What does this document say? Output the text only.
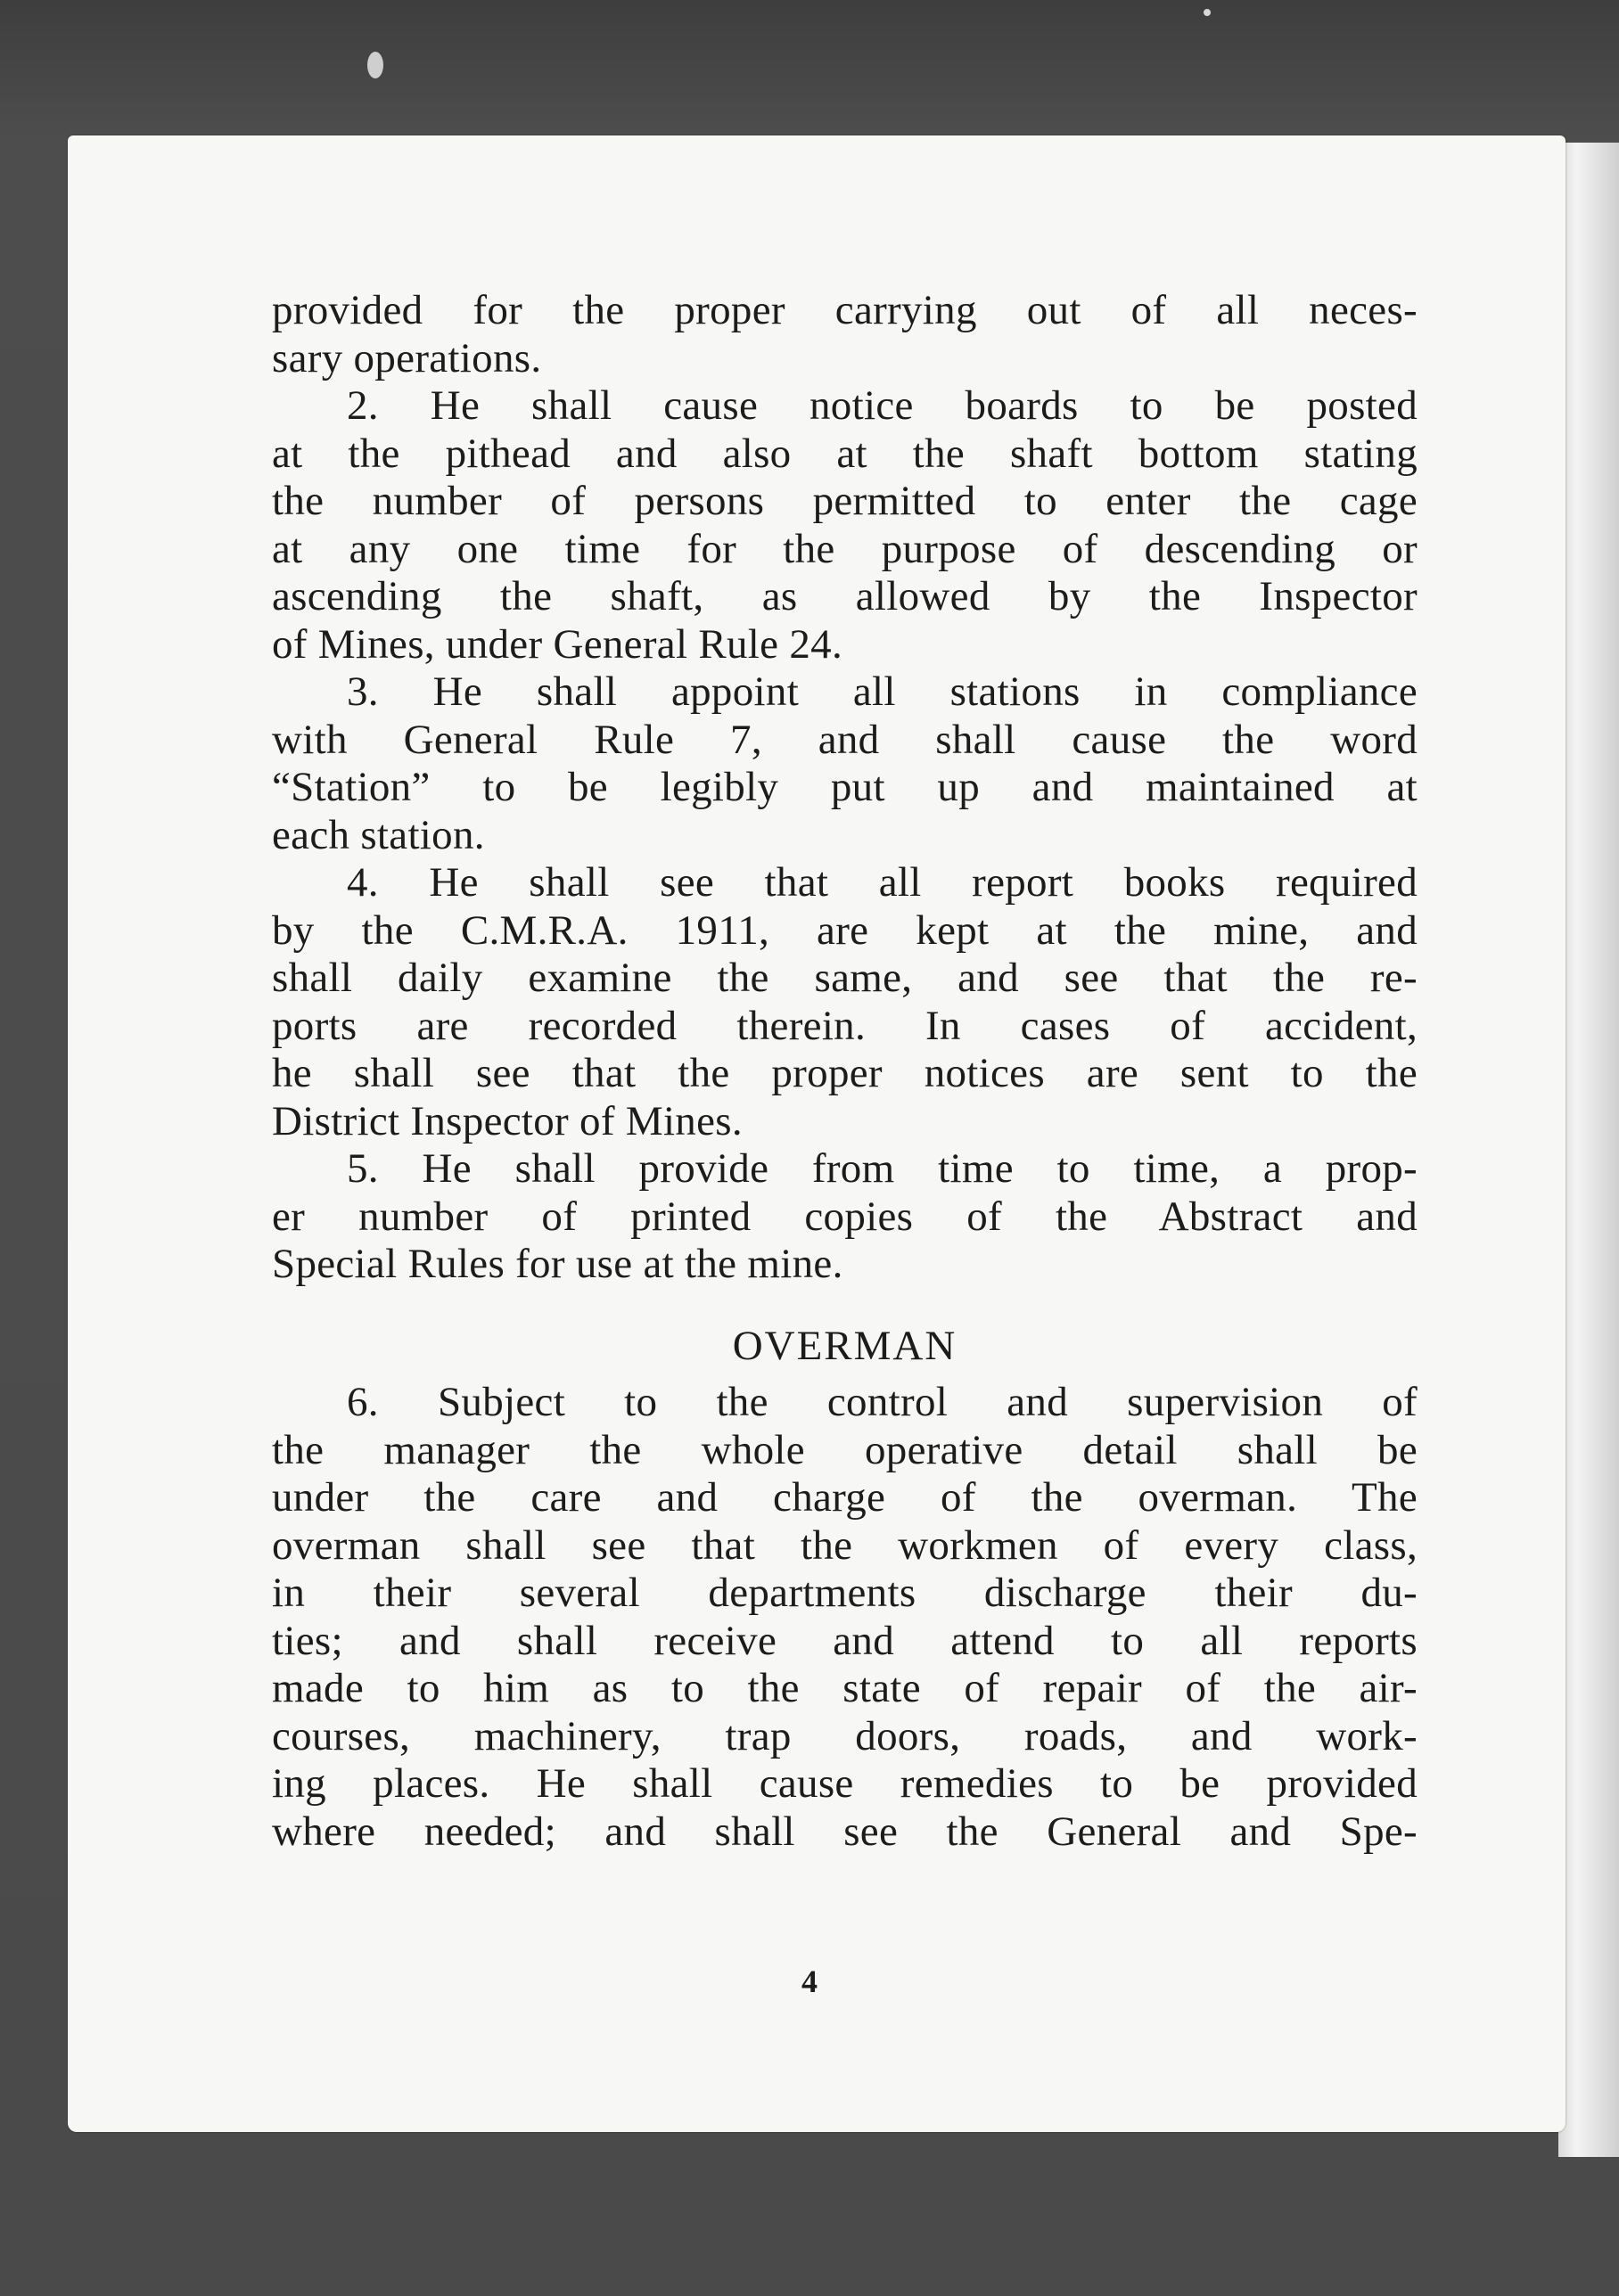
provided for the proper carrying out of all neces-
sary operations.

2. He shall cause notice boards to be posted
at the pithead and also at the shaft bottom stating
the number of persons permitted to enter the cage
at any one time for the purpose of descending or
ascending the shaft, as allowed by the Inspector
of Mines, under General Rule 24.

3. He shall appoint all stations in compliance
with General Rule 7, and shall cause the word
“Station” to be legibly put up and maintained at
each station.

4. He shall see that all report books required
by the C.M.R.A. 1911, are kept at the mine, and
shall daily examine the same, and see that the re-
ports are recorded therein. In cases of accident,
he shall see that the proper notices are sent to the
District Inspector of Mines.

5. He shall provide from time to time, a prop-
er number of printed copies of the Abstract and
Special Rules for use at the mine.

OVERMAN

6. Subject to the control and supervision of
the manager the whole operative detail shall be
under the care and charge of the overman. The
overman shall see that the workmen of every class,
in their several departments discharge their du-
ties; and shall receive and attend to all reports
made to him as to the state of repair of the air-
courses, machinery, trap doors, roads, and work-
ing places. He shall cause remedies to be provided
where needed; and shall see the General and Spe-

4
